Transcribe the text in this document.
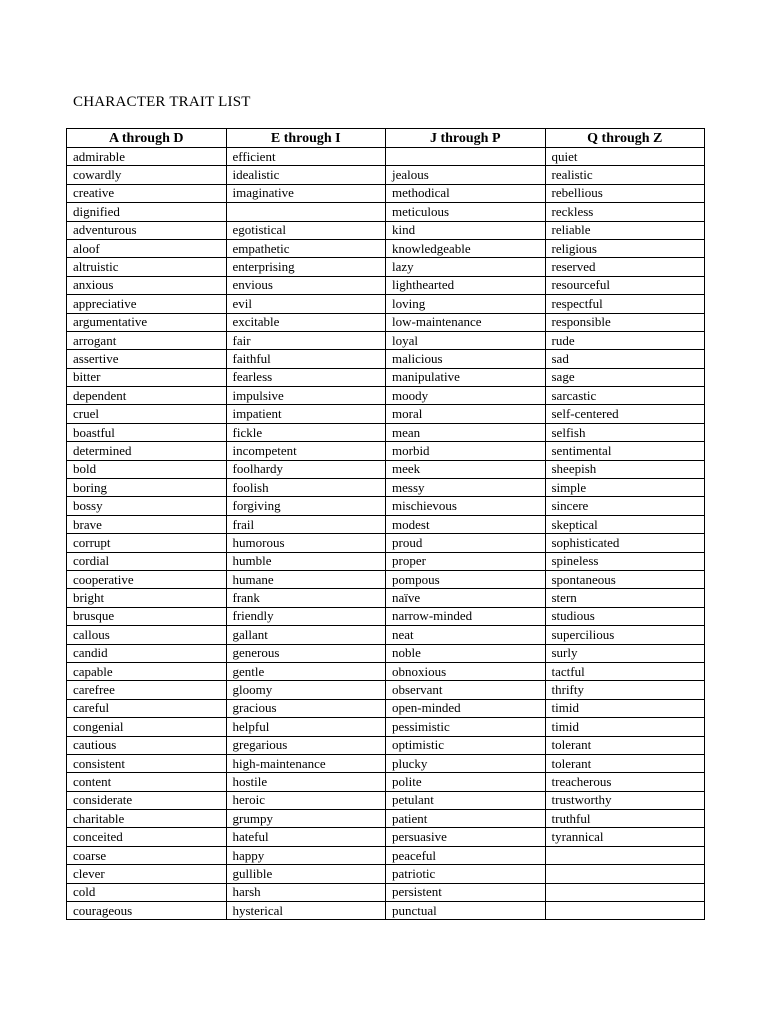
CHARACTER TRAIT LIST
A through D	E through I	J through P	Q through Z
admirable	efficient		quiet
cowardly	idealistic	jealous	realistic
creative	imaginative	methodical	rebellious
dignified		meticulous	reckless
adventurous	egotistical	kind	reliable
aloof	empathetic	knowledgeable	religious
altruistic	enterprising	lazy	reserved
anxious	envious	lighthearted	resourceful
appreciative	evil	loving	respectful
argumentative	excitable	low-maintenance	responsible
arrogant	fair	loyal	rude
assertive	faithful	malicious	sad
bitter	fearless	manipulative	sage
dependent	impulsive	moody	sarcastic
cruel	impatient	moral	self-centered
boastful	fickle	mean	selfish
determined	incompetent	morbid	sentimental
bold	foolhardy	meek	sheepish
boring	foolish	messy	simple
bossy	forgiving	mischievous	sincere
brave	frail	modest	skeptical
corrupt	humorous	proud	sophisticated
cordial	humble	proper	spineless
cooperative	humane	pompous	spontaneous
bright	frank	naïve	stern
brusque	friendly	narrow-minded	studious
callous	gallant	neat	supercilious
candid	generous	noble	surly
capable	gentle	obnoxious	tactful
carefree	gloomy	observant	thrifty
careful	gracious	open-minded	timid
congenial	helpful	pessimistic	timid
cautious	gregarious	optimistic	tolerant
consistent	high-maintenance	plucky	tolerant
content	hostile	polite	treacherous
considerate	heroic	petulant	trustworthy
charitable	grumpy	patient	truthful
conceited	hateful	persuasive	tyrannical
coarse	happy	peaceful	
clever	gullible	patriotic	
cold	harsh	persistent	
courageous	hysterical	punctual	
